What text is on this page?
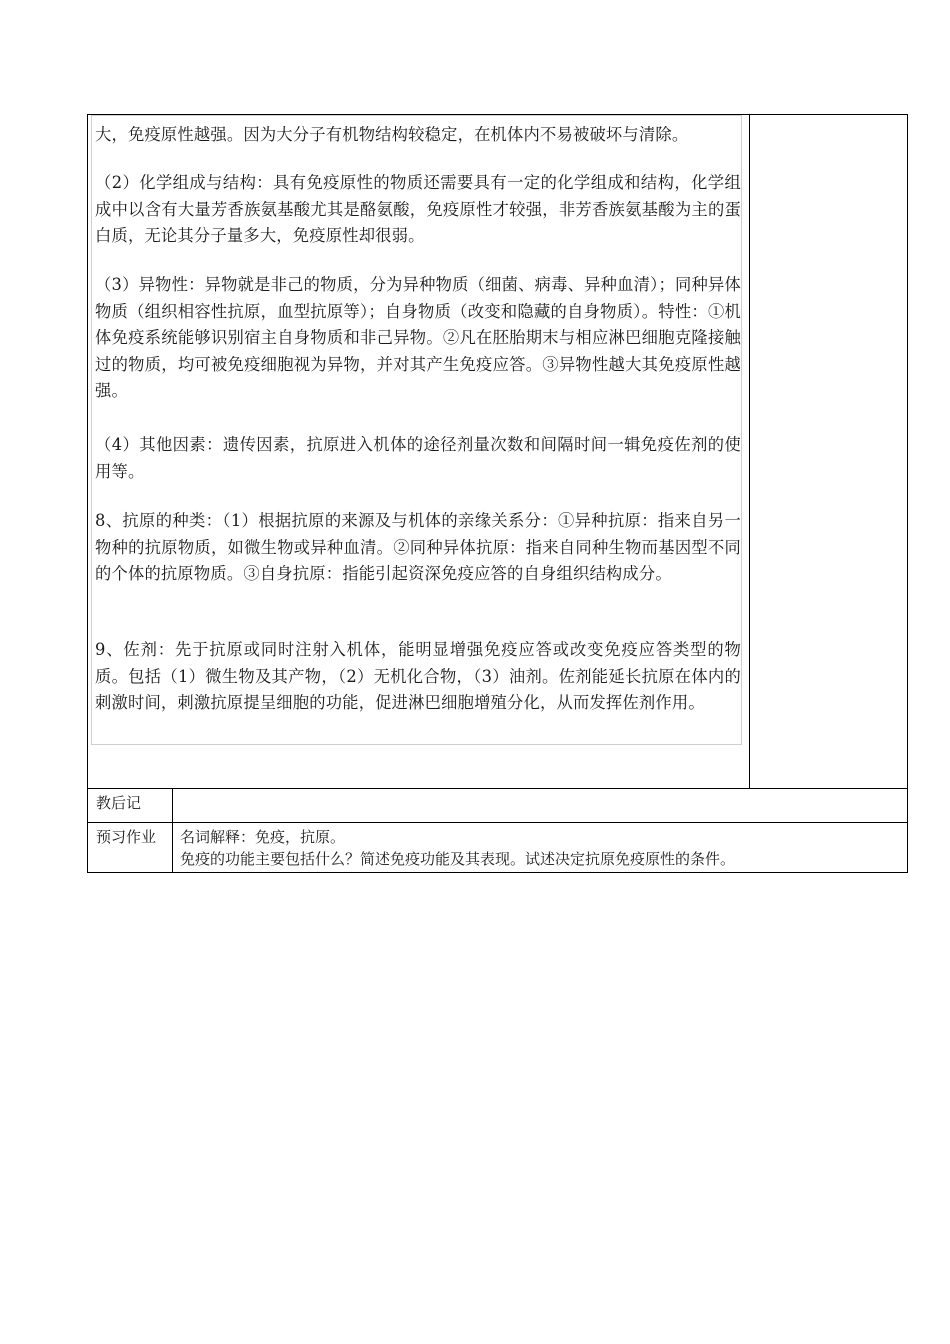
大，免疫原性越强。因为大分子有机物结构较稳定，在机体内不易被破坏与清除。

（2）化学组成与结构：具有免疫原性的物质还需要具有一定的化学组成和结构，化学组成中以含有大量芳香族氨基酸尤其是酪氨酸，免疫原性才较强，非芳香族氨基酸为主的蛋白质，无论其分子量多大，免疫原性却很弱。

（3）异物性：异物就是非己的物质，分为异种物质（细菌、病毒、异种血清）；同种异体物质（组织相容性抗原，血型抗原等）；自身物质（改变和隐藏的自身物质）。特性：①机体免疫系统能够识别宿主自身物质和非己异物。②凡在胚胎期末与相应淋巴细胞克隆接触过的物质，均可被免疫细胞视为异物，并对其产生免疫应答。③异物性越大其免疫原性越强。

（4）其他因素：遗传因素，抗原进入机体的途径剂量次数和间隔时间一辑免疫佐剂的使用等。

8、抗原的种类：（1）根据抗原的来源及与机体的亲缘关系分：①异种抗原：指来自另一物种的抗原物质，如微生物或异种血清。②同种异体抗原：指来自同种生物而基因型不同的个体的抗原物质。③自身抗原：指能引起资深免疫应答的自身组织结构成分。

9、佐剂：先于抗原或同时注射入机体，能明显增强免疫应答或改变免疫应答类型的物质。包括（1）微生物及其产物，（2）无机化合物，（3）油剂。佐剂能延长抗原在体内的刺激时间，刺激抗原提呈细胞的功能，促进淋巴细胞增殖分化，从而发挥佐剂作用。

教后记

预习作业 名词解释：免疫，抗原。

免疫的功能主要包括什么？简述免疫功能及其表现。试述决定抗原免疫原性的条件。
